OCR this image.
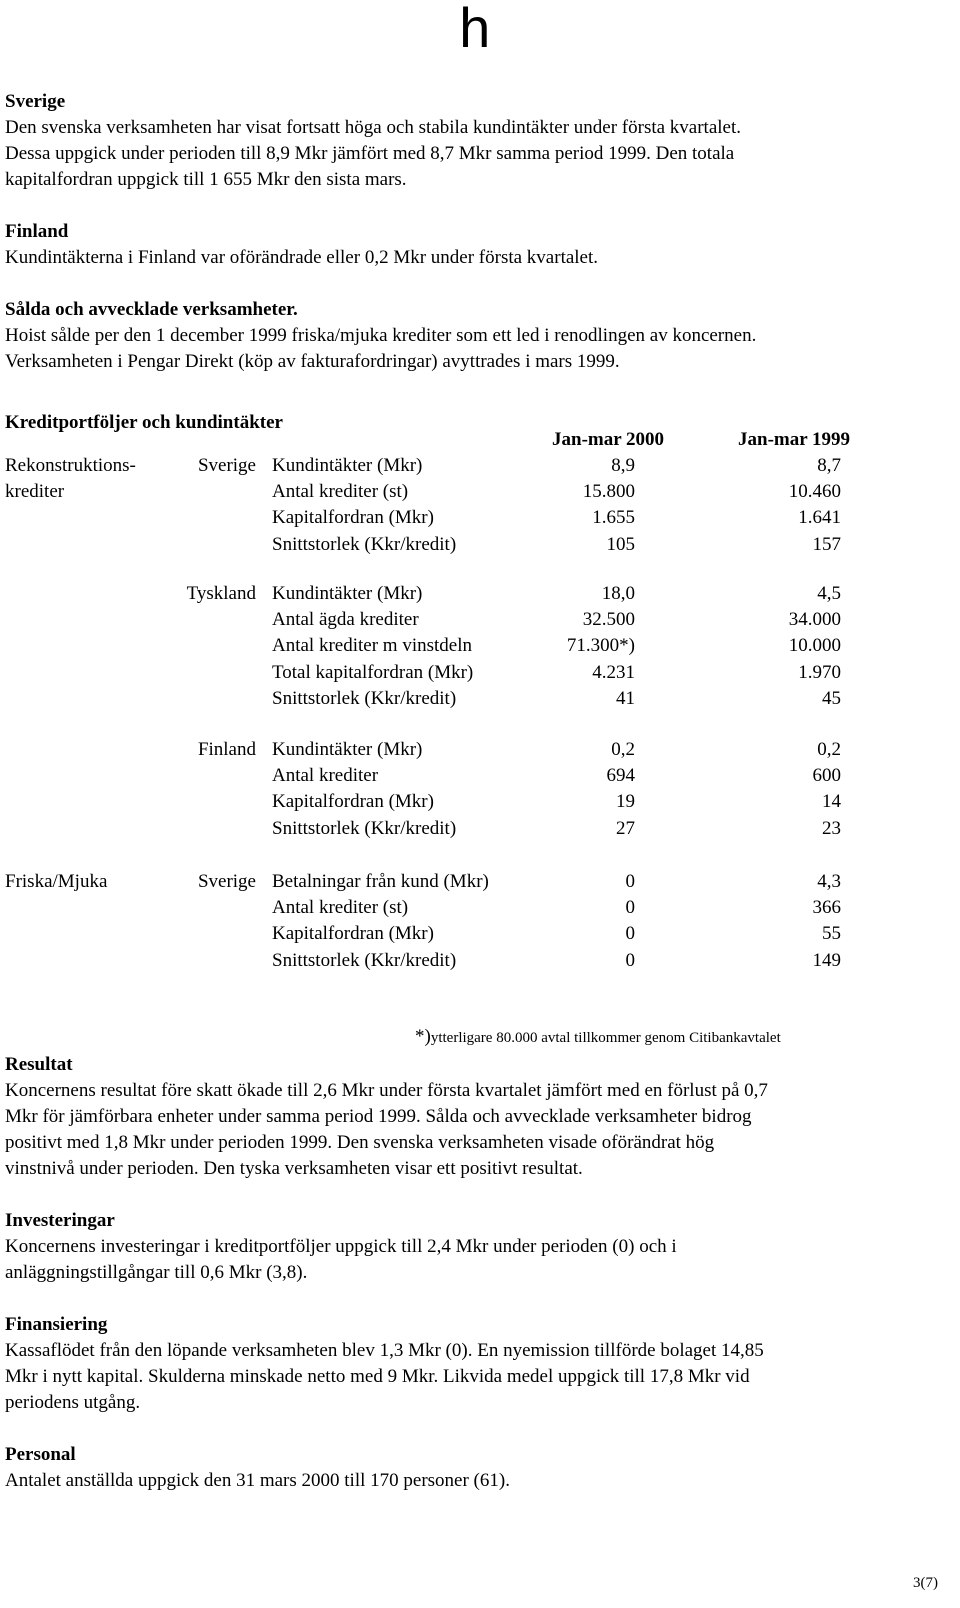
h
Sverige

Den svenska verksamheten har visat fortsatt höga och stabila kundintäkter under första kvartalet.

Dessa uppgick under perioden till 8,9 Mkr jämfört med 8,7 Mkr samma period 1999. Den totala

kapitalfordran uppgick till 1 655 Mkr den sista mars.

Finland

Kundintäkterna i Finland var oförändrade eller 0,2 Mkr under första kvartalet.

Sålda och avvecklade verksamheter.

Hoist sålde per den 1 december 1999 friska/mjuka krediter som ett led i renodlingen av koncernen.

Verksamheten i Pengar Direkt (köp av fakturafordringar) avyttrades i mars 1999.

Kreditportföljer och kundintäkter
Jan-mar 2000	Jan-mar 1999
Rekonstruktions-
krediter
Sverige Kundintäkter (Mkr)	8,9	8,7
Antal krediter (st)	15.800	10.460
Kapitalfordran (Mkr)	1.655	1.641
Snittstorlek (Kkr/kredit)	105	157
Tyskland Kundintäkter (Mkr)	18,0	4,5
Antal ägda krediter	32.500	34.000
Antal krediter m vinstdeln	71.300*)	10.000
Total kapitalfordran (Mkr)	4.231	1.970
Snittstorlek (Kkr/kredit)	41	45
Finland Kundintäkter (Mkr)	0,2	0,2
Antal krediter	694	600
Kapitalfordran (Mkr)	19	14
Snittstorlek (Kkr/kredit)	27	23
Friska/Mjuka	Sverige Betalningar från kund (Mkr)	0	4,3
Antal krediter (st)	0	366
Kapitalfordran (Mkr)	0	55
Snittstorlek (Kkr/kredit)	0	149
*)ytterligare 80.000 avtal tillkommer genom Citibankavtalet
Resultat

Koncernens resultat före skatt ökade till 2,6 Mkr under första kvartalet jämfört med en förlust på 0,7

Mkr för jämförbara enheter under samma period 1999. Sålda och avvecklade verksamheter bidrog

positivt med 1,8 Mkr under perioden 1999. Den svenska verksamheten visade oförändrat hög

vinstnivå under perioden. Den tyska verksamheten visar ett positivt resultat.

Investeringar

Koncernens investeringar i kreditportföljer uppgick till 2,4 Mkr under perioden (0) och i

anläggningstillgångar till 0,6 Mkr (3,8).

Finansiering

Kassaflödet från den löpande verksamheten blev 1,3 Mkr (0). En nyemission tillförde bolaget 14,85

Mkr i nytt kapital. Skulderna minskade netto med 9 Mkr. Likvida medel uppgick till 17,8 Mkr vid

periodens utgång.

Personal

Antalet anställda uppgick den 31 mars 2000 till 170 personer (61).

3(7)
